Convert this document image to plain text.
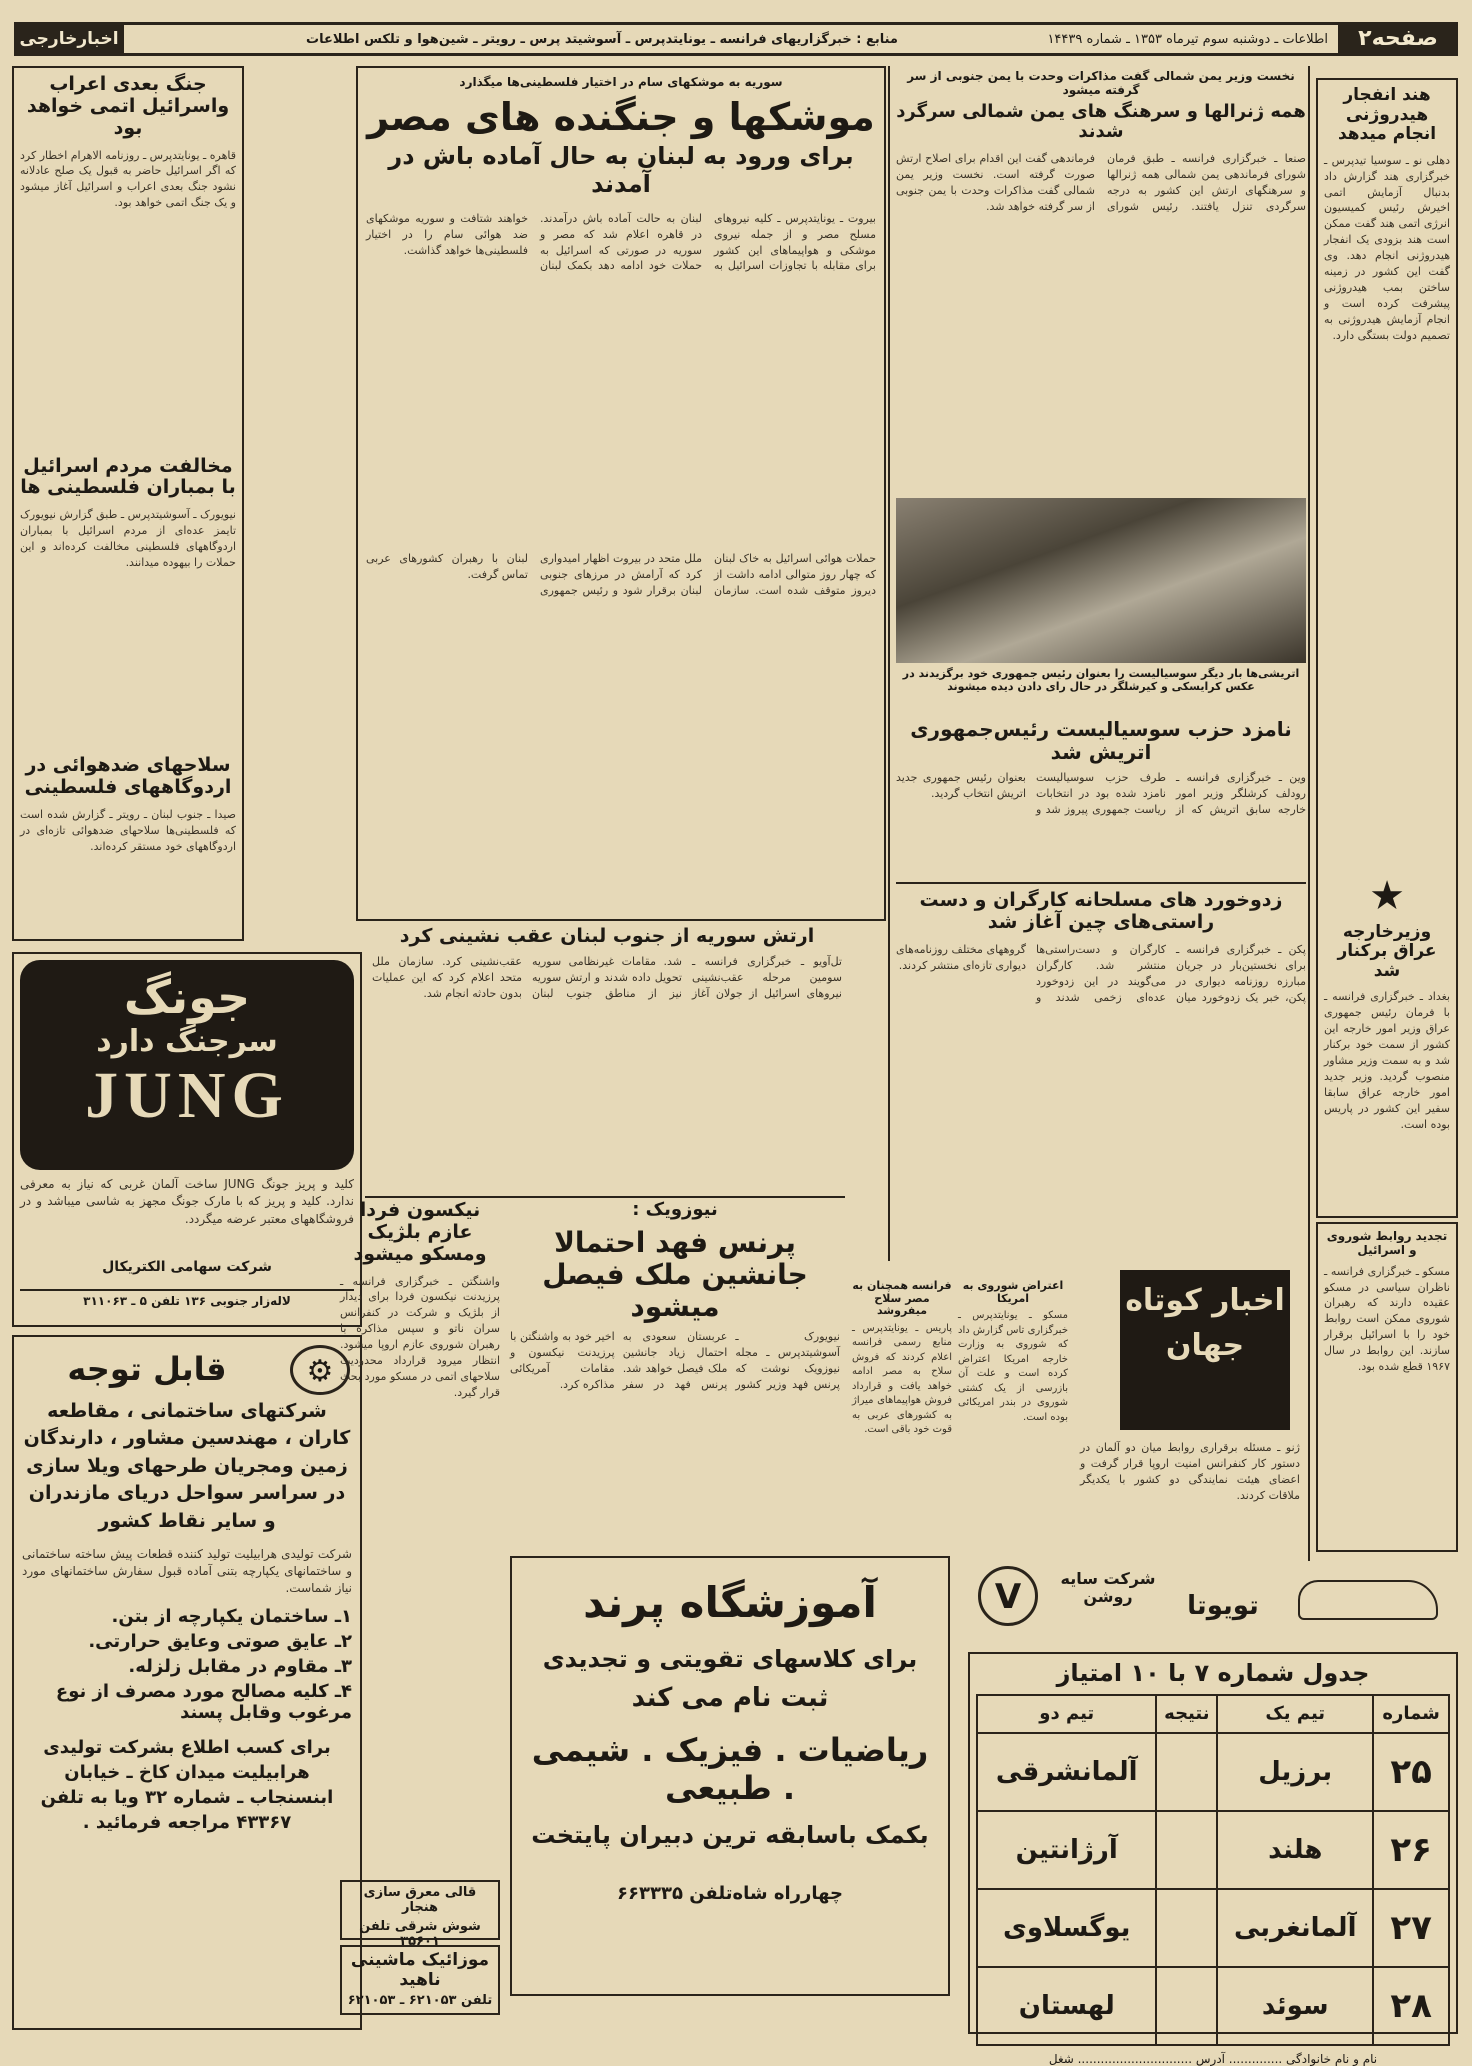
صفحه۲
اطلاعات ـ دوشنبه سوم تیرماه ۱۳۵۳ ـ شماره ۱۴۴۳۹
منابع : خبرگزاریهای فرانسه ـ یونایتدپرس ـ آسوشیتد پرس ـ رویتر ـ شین‌هوا و تلکس اطلاعات
اخبارخارجی
هند انفجار هیدروژنی انجام میدهد
دهلی نو ـ سوسیا تیدپرس ـ خبرگزاری هند گزارش داد بدنبال آزمایش اتمی اخیرش رئیس کمیسیون انرژی اتمی هند گفت ممکن است هند بزودی یک انفجار هیدروژنی انجام دهد. وی گفت این کشور در زمینه ساختن بمب هیدروژنی پیشرفت کرده است و انجام آزمایش هیدروژنی به تصمیم دولت بستگی دارد.
★
وزیرخارجه عراق برکنار شد
بغداد ـ خبرگزاری فرانسه ـ با فرمان رئیس جمهوری عراق وزیر امور خارجه این کشور از سمت خود برکنار شد و به سمت وزیر مشاور منصوب گردید. وزیر جدید امور خارجه عراق سابقا سفیر این کشور در پاریس بوده است.
تجدید روابط شوروی و اسرائیل
مسکو ـ خبرگزاری فرانسه ـ ناظران سیاسی در مسکو عقیده دارند که رهبران شوروی ممکن است روابط خود را با اسرائیل برقرار سازند. این روابط در سال ۱۹۶۷ قطع شده بود.
نخست وزیر یمن شمالی گفت مذاکرات وحدت با یمن جنوبی از سر گرفته میشود
همه ژنرالها و سرهنگ های یمن شمالی سرگرد شدند
صنعا ـ خبرگزاری فرانسه ـ طبق فرمان شورای فرماندهی یمن شمالی همه ژنرالها و سرهنگهای ارتش این کشور به درجه سرگردی تنزل یافتند. رئیس شورای فرماندهی گفت این اقدام برای اصلاح ارتش صورت گرفته است. نخست وزیر یمن شمالی گفت مذاکرات وحدت با یمن جنوبی از سر گرفته خواهد شد.
اتریشی‌ها بار دیگر سوسیالیست را بعنوان رئیس جمهوری خود برگزیدند در عکس کرایسکی و کیرشلگر در حال رای دادن دیده میشوند
نامزد حزب سوسیالیست رئیس‌جمهوری اتریش شد
وین ـ خبرگزاری فرانسه ـ رودلف کرشلگر وزیر امور خارجه سابق اتریش که از طرف حزب سوسیالیست نامزد شده بود در انتخابات ریاست جمهوری پیروز شد و بعنوان رئیس جمهوری جدید اتریش انتخاب گردید.
زدوخورد های مسلحانه کارگران و دست راستی‌های چین آغاز شد
پکن ـ خبرگزاری فرانسه ـ برای نخستین‌بار در جریان مبارزه روزنامه دیواری در پکن، خبر یک زدوخورد میان کارگران و دست‌راستی‌ها منتشر شد. کارگران می‌گویند در این زدوخورد عده‌ای زخمی شدند و گروههای مختلف روزنامه‌های دیواری تازه‌ای منتشر کردند.
سوریه به موشکهای سام در اختیار فلسطینی‌ها میگذارد
موشکها و جنگنده های مصر
برای ورود به لبنان به حال آماده باش در آمدند
بیروت ـ یونایتدپرس ـ کلیه نیروهای مسلح مصر و از جمله نیروی موشکی و هواپیماهای این کشور برای مقابله با تجاوزات اسرائیل به لبنان به حالت آماده باش درآمدند. در قاهره اعلام شد که مصر و سوریه در صورتی که اسرائیل به حملات خود ادامه دهد بکمک لبنان خواهند شتافت و سوریه موشکهای ضد هوائی سام را در اختیار فلسطینی‌ها خواهد گذاشت.
حملات هوائی اسرائیل به خاک لبنان که چهار روز متوالی ادامه داشت از دیروز متوقف شده است. سازمان ملل متحد در بیروت اظهار امیدواری کرد که آرامش در مرزهای جنوبی لبنان برقرار شود و رئیس جمهوری لبنان با رهبران کشورهای عربی تماس گرفت.
جنگ بعدی اعراب واسرائیل اتمی خواهد بود
قاهره ـ یونایتدپرس ـ روزنامه الاهرام اخطار کرد که اگر اسرائیل حاضر به قبول یک صلح عادلانه نشود جنگ بعدی اعراب و اسرائیل آغاز میشود و یک جنگ اتمی خواهد بود.
مخالفت مردم اسرائیل با بمباران فلسطینی ها
نیویورک ـ آسوشیتدپرس ـ طبق گزارش نیویورک تایمز عده‌ای از مردم اسرائیل با بمباران اردوگاههای فلسطینی مخالفت کرده‌اند و این حملات را بیهوده میدانند.
سلاحهای ضدهوائی در اردوگاههای فلسطینی
صیدا ـ جنوب لبنان ـ رویتر ـ گزارش شده است که فلسطینی‌ها سلاحهای ضدهوائی تازه‌ای در اردوگاههای خود مستقر کرده‌اند.
جونگ
سرجنگ دارد
JUNG
کلید و پریز جونگ JUNG ساخت آلمان غربی که نیاز به معرفی ندارد. کلید و پریز که با مارک جونگ مجهز به شاسی میباشد و در فروشگاههای معتبر عرضه میگردد.
شرکت سهامی الکتریکال
لاله‌زار جنوبی ۱۳۶ تلفن ۵ ـ ۳۱۱۰۶۳
⚙
قابل توجه
شرکتهای ساختمانی ، مقاطعه کاران ، مهندسین مشاور ، دارندگان زمین ومجریان طرحهای ویلا سازی در سراسر سواحل دریای مازندران و سایر نقاط کشور
شرکت تولیدی هرابیلیت تولید کننده قطعات پیش ساخته ساختمانی و ساختمانهای یکپارچه بتنی آماده قبول سفارش ساختمانهای مورد نیاز شماست.
۱ـ ساختمان یکپارچه از بتن.
۲ـ عایق صوتی وعایق حرارتی.
۳ـ مقاوم در مقابل زلزله.
۴ـ کلیه مصالح مورد مصرف از نوع مرغوب وقابل پسند
برای کسب اطلاع بشرکت تولیدی هرابیلیت میدان کاخ ـ خیابان ابنسنجاب ـ شماره ۳۲ ویا به تلفن ۴۳۳۶۷ مراجعه فرمائید .
ارتش سوریه از جنوب لبنان عقب نشینی کرد
تل‌آویو ـ خبرگزاری فرانسه ـ سومین مرحله عقب‌نشینی نیروهای اسرائیل از جولان آغاز شد. مقامات غیرنظامی سوریه تحویل داده شدند و ارتش سوریه نیز از مناطق جنوب لبنان عقب‌نشینی کرد. سازمان ملل متحد اعلام کرد که این عملیات بدون حادثه انجام شد.
نیکسون فردا عازم بلژیک ومسکو میشود
واشنگتن ـ خبرگزاری فرانسه ـ پرزیدنت نیکسون فردا برای دیدار از بلژیک و شرکت در کنفرانس سران ناتو و سپس مذاکره با رهبران شوروی عازم اروپا میشود. انتظار میرود قرارداد محدودیت سلاحهای اتمی در مسکو مورد بحث قرار گیرد.
نیوزویک :
پرنس فهد احتمالا جانشین ملک فیصل میشود
نیویورک ـ آسوشیتدپرس ـ مجله نیوزویک نوشت که پرنس فهد وزیر کشور عربستان سعودی به احتمال زیاد جانشین ملک فیصل خواهد شد. پرنس فهد در سفر اخیر خود به واشنگتن با پرزیدنت نیکسون و مقامات آمریکائی مذاکره کرد.
فرانسه همچنان به مصر سلاح میفروشد
پاریس ـ یونایتدپرس ـ منابع رسمی فرانسه اعلام کردند که فروش سلاح به مصر ادامه خواهد یافت و قرارداد فروش هواپیماهای میراژ به کشورهای عربی به قوت خود باقی است.
اعتراض شوروی به امریکا
مسکو ـ یونایتدپرس ـ خبرگزاری تاس گزارش داد که شوروی به وزارت خارجه امریکا اعتراض کرده است و علت آن بازرسی از یک کشتی شوروی در بندر امریکائی بوده است.
اخبار کوتاه جهان
ژنو ـ مسئله برقراری روابط میان دو آلمان در دستور کار کنفرانس امنیت اروپا قرار گرفت و اعضای هیئت نمایندگی دو کشور با یکدیگر ملاقات کردند.
آموزشگاه پرند
برای کلاسهای تقویتی و تجدیدی
ثبت نام می کند
ریاضیات . فیزیک . شیمی . طبیعی
بکمک باسابقه ترین دبیران پایتخت
چهارراه شاه‌تلفن ۶۶۳۳۳۵
قالی معرق سازی هنجار
شوش شرقی تلفن ۳۵۶۰۱
موزائیک ماشینی ناهید
تلفن ۶۲۱۰۵۳ ـ ۶۲۱۰۵۳
تویوتا
شرکت سایه روشن
V
جدول شماره ۷ با ۱۰ امتیاز
شماره	تیم یک	نتیجه	تیم دو
۲۵	برزیل		آلمانشرقی
۲۶	هلند		آرژانتین
۲۷	آلمانغربی		یوگسلاوی
۲۸	سوئد		لهستان
نام و نام خانوادگی .............. آدرس .............................. شغل
